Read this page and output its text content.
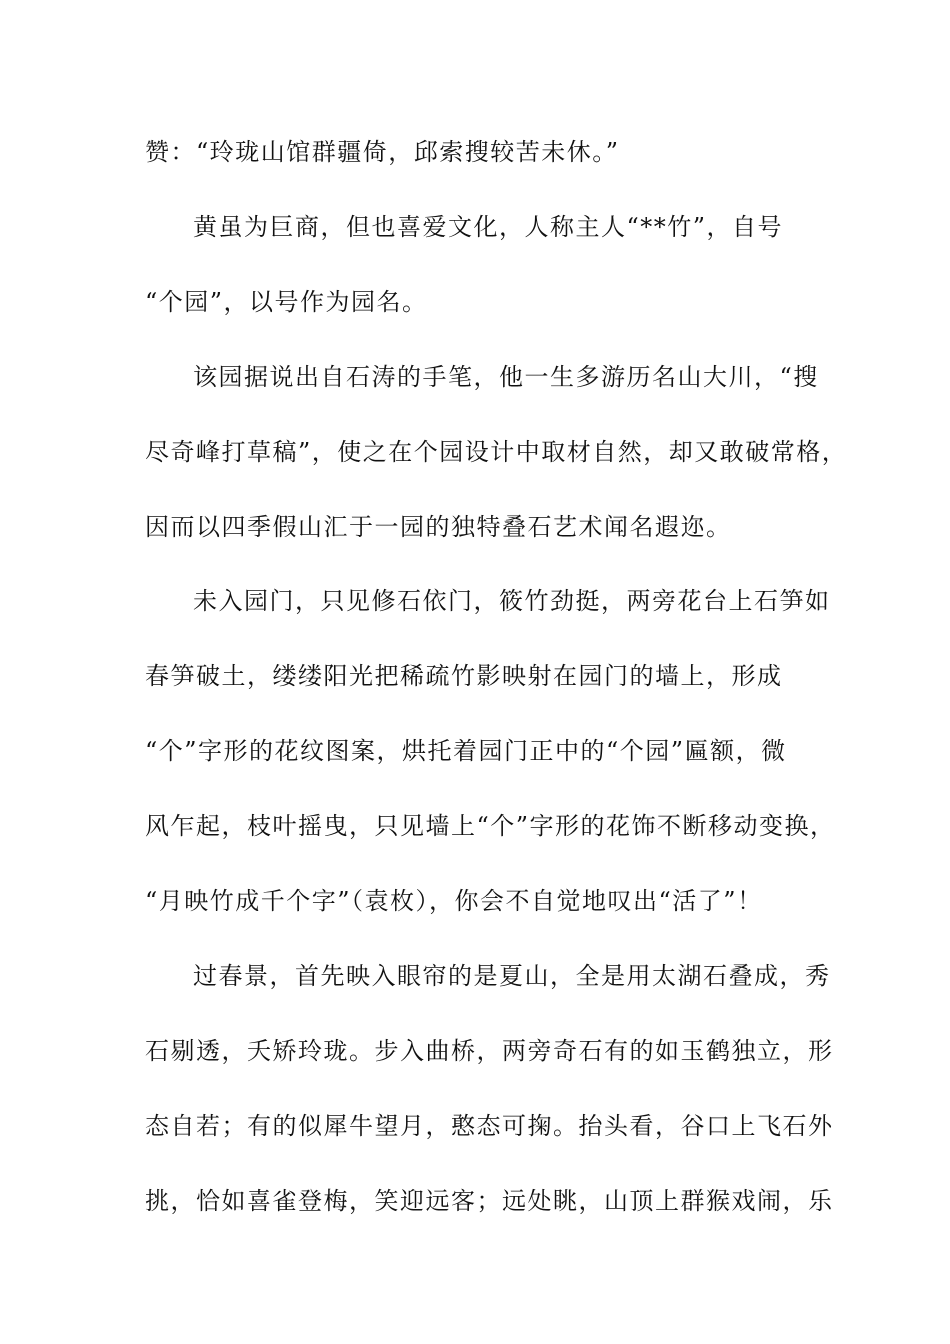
赞：“玲珑山馆群疆倚，邱索搜较苦未休。”
黄虽为巨商，但也喜爱文化，人称主人“**竹”，自号
“个园”，以号作为园名。
该园据说出自石涛的手笔，他一生多游历名山大川，“搜
尽奇峰打草稿”，使之在个园设计中取材自然，却又敢破常格，
因而以四季假山汇于一园的独特叠石艺术闻名遐迩。
未入园门，只见修石依门，筱竹劲挺，两旁花台上石笋如
春笋破土，缕缕阳光把稀疏竹影映射在园门的墙上，形成
“个”字形的花纹图案，烘托着园门正中的“个园”匾额，微
风乍起，枝叶摇曳，只见墙上“个”字形的花饰不断移动变换，
“月映竹成千个字”（袁枚），你会不自觉地叹出“活了”！
过春景，首先映入眼帘的是夏山，全是用太湖石叠成，秀
石剔透，夭矫玲珑。步入曲桥，两旁奇石有的如玉鹤独立，形
态自若；有的似犀牛望月，憨态可掬。抬头看，谷口上飞石外
挑，恰如喜雀登梅，笑迎远客；远处眺，山顶上群猴戏闹，乐
